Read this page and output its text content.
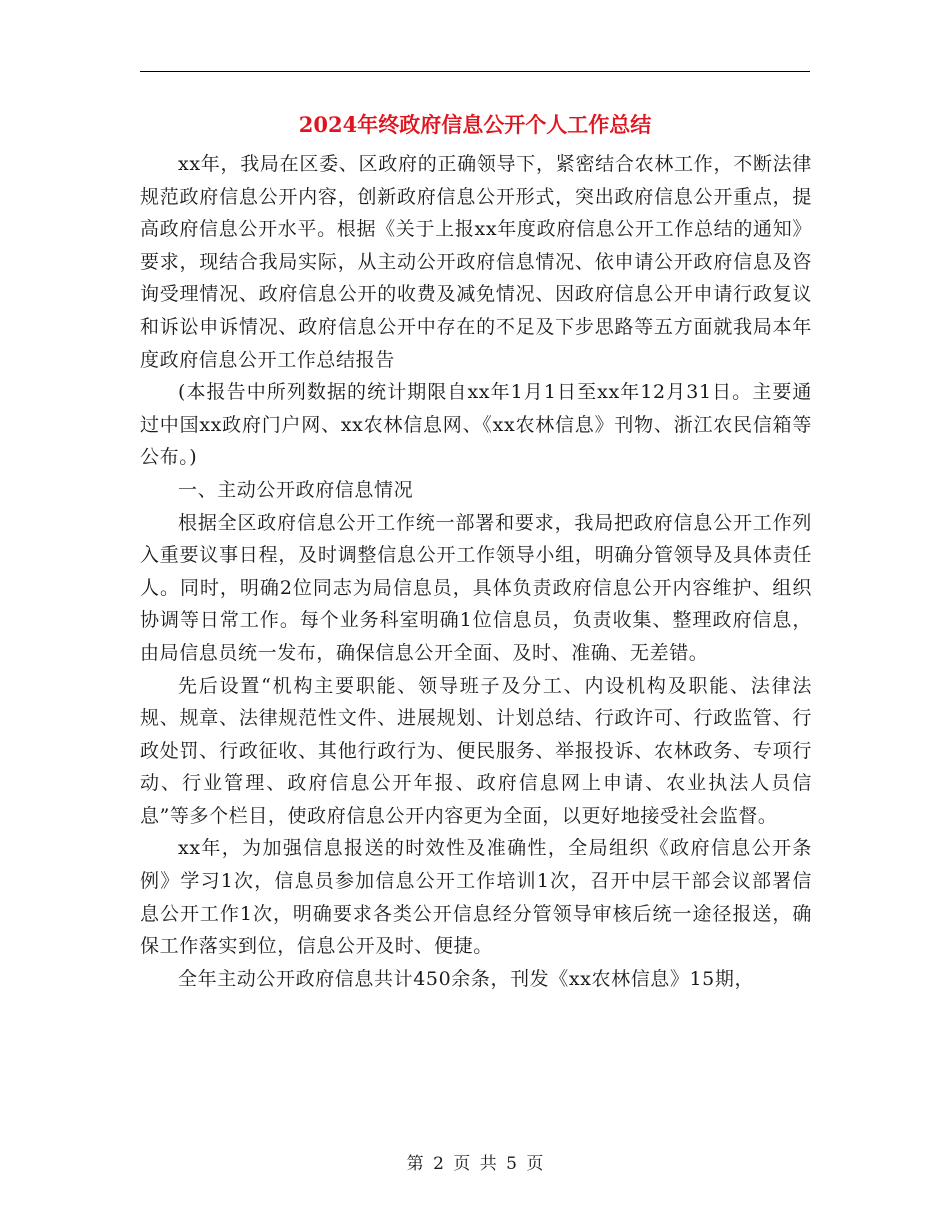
2024年终政府信息公开个人工作总结

xx年，我局在区委、区政府的正确领导下，紧密结合农林工作，不断法律规范政府信息公开内容，创新政府信息公开形式，突出政府信息公开重点，提高政府信息公开水平。根据《关于上报xx年度政府信息公开工作总结的通知》要求，现结合我局实际，从主动公开政府信息情况、依申请公开政府信息及咨询受理情况、政府信息公开的收费及减免情况、因政府信息公开申请行政复议和诉讼申诉情况、政府信息公开中存在的不足及下步思路等五方面就我局本年度政府信息公开工作总结报告

(本报告中所列数据的统计期限自xx年1月1日至xx年12月31日。主要通过中国xx政府门户网、xx农林信息网、《xx农林信息》刊物、浙江农民信箱等公布。)

一、主动公开政府信息情况

根据全区政府信息公开工作统一部署和要求，我局把政府信息公开工作列入重要议事日程，及时调整信息公开工作领导小组，明确分管领导及具体责任人。同时，明确2位同志为局信息员，具体负责政府信息公开内容维护、组织协调等日常工作。每个业务科室明确1位信息员，负责收集、整理政府信息，由局信息员统一发布，确保信息公开全面、及时、准确、无差错。

先后设置“机构主要职能、领导班子及分工、内设机构及职能、法律法规、规章、法律规范性文件、进展规划、计划总结、行政许可、行政监管、行政处罚、行政征收、其他行政行为、便民服务、举报投诉、农林政务、专项行动、行业管理、政府信息公开年报、政府信息网上申请、农业执法人员信息”等多个栏目，使政府信息公开内容更为全面，以更好地接受社会监督。

xx年，为加强信息报送的时效性及准确性，全局组织《政府信息公开条例》学习1次，信息员参加信息公开工作培训1次，召开中层干部会议部署信息公开工作1次，明确要求各类公开信息经分管领导审核后统一途径报送，确保工作落实到位，信息公开及时、便捷。

全年主动公开政府信息共计450余条，刊发《xx农林信息》15期，

第 2 页 共 5 页
